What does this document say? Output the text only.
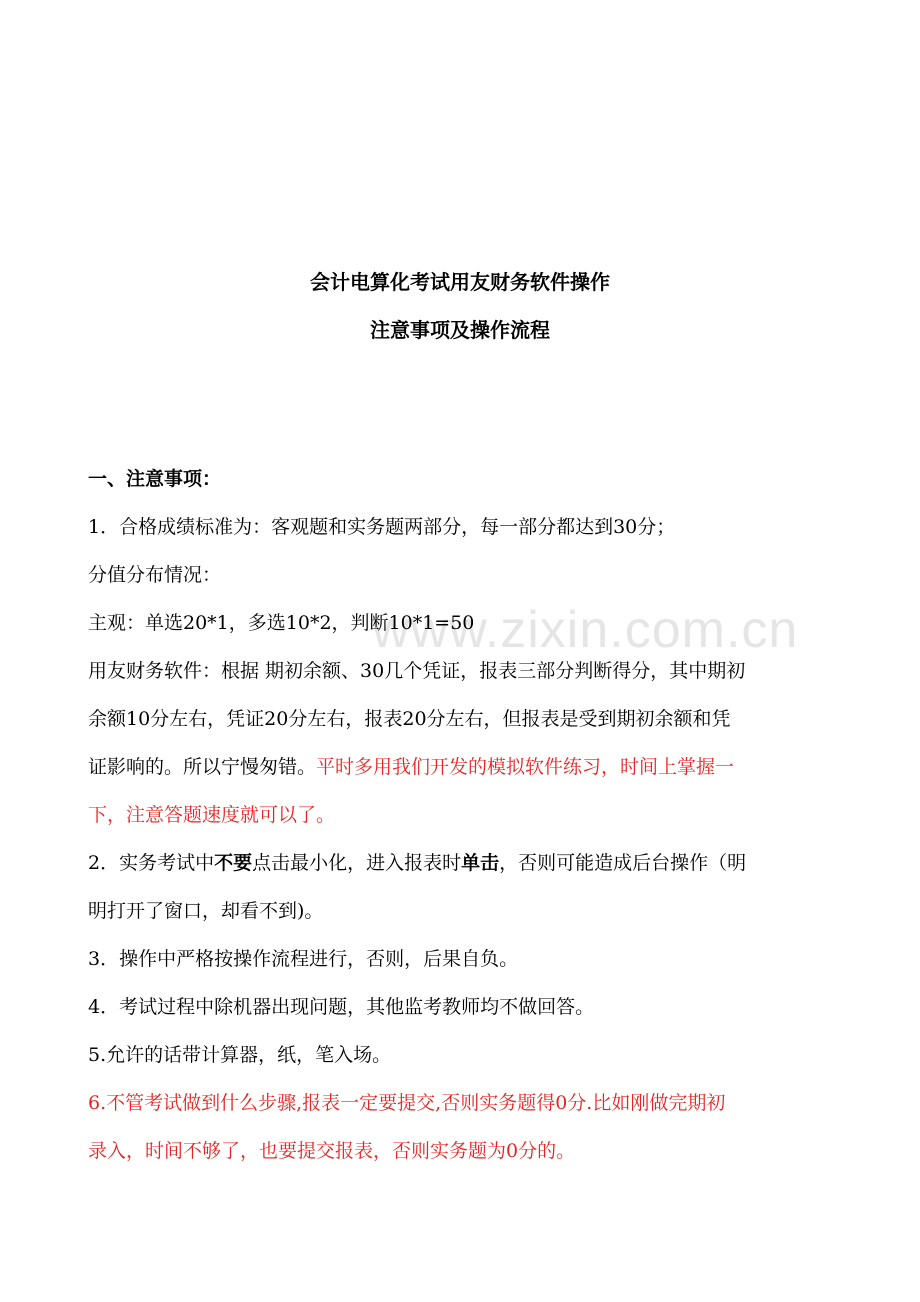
www.zixin.com.cn
会计电算化考试用友财务软件操作
注意事项及操作流程
一、注意事项：
1．合格成绩标准为：客观题和实务题两部分，每一部分都达到30分；
分值分布情况：
主观：单选20*1，多选10*2，判断10*1=50
用友财务软件：根据 期初余额、30几个凭证，报表三部分判断得分，其中期初
余额10分左右，凭证20分左右，报表20分左右，但报表是受到期初余额和凭
证影响的。所以宁慢匆错。平时多用我们开发的模拟软件练习，时间上掌握一
下，注意答题速度就可以了。
2．实务考试中不要点击最小化，进入报表时单击，否则可能造成后台操作（明
明打开了窗口，却看不到)。
3．操作中严格按操作流程进行，否则，后果自负。
4．考试过程中除机器出现问题，其他监考教师均不做回答。
5.允许的话带计算器，纸，笔入场。
6.不管考试做到什么步骤,报表一定要提交,否则实务题得0分.比如刚做完期初
录入，时间不够了，也要提交报表，否则实务题为0分的。
